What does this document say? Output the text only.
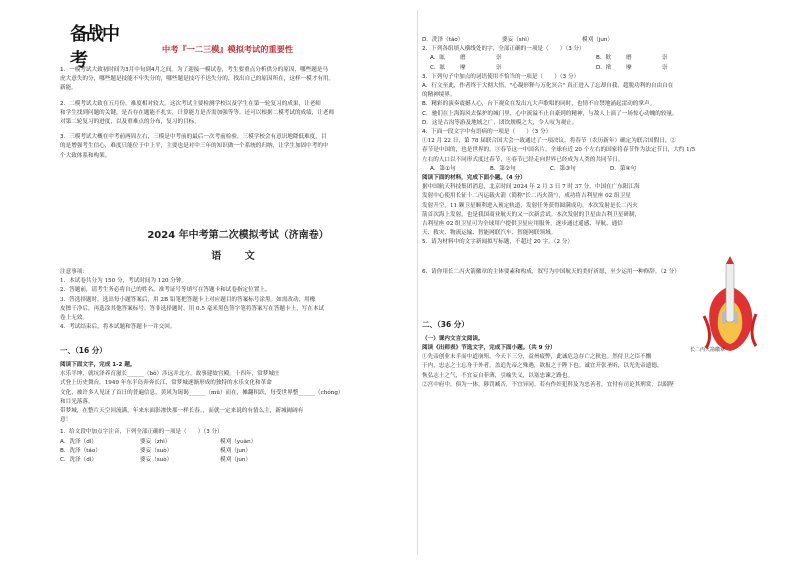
备战中考
中考『一二三模』模拟考试的重要性

1．一模考试大致初时间为3月中旬到4月之间。为了迎接一模试卷，考生要重点分析供分的原因，哪些题是马

虎大意失的分，哪些题是技能不牢失分的，哪些题是技巧不达失分的，找出自己的原因所在，这样一模才有用。

新能。

2．二模考试大致在五月份，难度相对较大。这次考试主要检测学校以及学生在第一轮复习的成果，让老师

和学生找到问题的关键，是否存在题能不扎实，计算能力是否需加强等等。还可以根据二模考试的成绩，让老师

对第二轮复习的进度，以及重难点的分布，复习的目标。

3．三模考试大概在中考前两周左右，三模是中考前的最后一次考前检验，三模学校会有意识地降低难度，目

的是增强考生信心，难度只能位于中上平，主要也是对中三年的知识做一个系统的归纳，让学生加固中考的中

个大致体系和构架。

2024 年中考第二次模拟考试（济南卷）
语 文

注意事项：

1．本试卷共分为 150 分，考试时间为 120 分钟。

2．答题前，请考生务必将自己的姓名、准考证号等填写在答题卡和试卷指定位置上。

3．答选择题时，选出每小题答案后，用 2B 铅笔把答题卡上对应题目的答案标号涂黑。如需改动，用橡

皮擦干净后，再选涂其他答案标号。答非选择题时，用 0.5 毫米黑色签字笔将答案写在答题卡上，写在本试

卷上无效。

4．考试结束后，将本试题和答题卡一并交回。

一、（16 分）

阅读下面文字，完成 1-2 题。

水乐半坤，就坑泽养育滋长______（bǒ）涉远并北方，故事建故宫殿。十四年，常梦城庄

式登上历史舞台。1949 年东半岛奔奔长江，常梦城逐渐形成的独特的水乐文化和革命

文化，被许多人见证了首日的普遍信息，黄风为谒谒______（mǔ）而在，摊翻积跃，每受世界整______（chóng）

和目光落落。

带梦城，在整片天空回流满，年来东面影渗快那一样长春。，而就一定来说的有情么主，新城阔阔有

意！

1．给文段中加点字注音，下列全部正确的一项是（　　）（3 分）

A．洗泽（dì）	婆妄（zhì）	模刈（yuàn）
B．洗泽（táo）	婆妄（suò）	模刈（jun）
C．洗泽（dì）	婆妄（suò）	模刈（jun）
D．洗泽（táo）	婆妄（shì）	模刈（jun）

2．下列各组填入横线处的字，全部正确的一项是（　　）（3 分）

A．眩	磨	崇	B．揿	磨	崇
C．眩	摩	崇	D．揿	摩	崇

3．下列句子中加点的词语使用不恰当的一项是（　　）（3 分）

A．行文至此，作者终于大彻大悟，"心凝形释与万化冥合" 真正进入了忘却自我、超脱功利的自由自在

的精神境界。

B．精彩的演奏震撼人心，台下观众在发出亢大声歌唱的同时，也情不自禁地涌起雷动的掌声。

C．驰们在上海海风去保护的城门里，心中流溢不止自豪到的精神，与敌人上演了一场惊心动魄的较量。

D．这是古沟等游及地域之广、团饮规模之大，令人叹为观止。

4．下面一段文字中有语病的一项是（　　）（3 分）

①12 月 22 日，第 78 届联合国大会一致通过了一项决议，将春节（农历新年）确定为联合国假日。②

春节是中国的，也是世界的。③春节这一中国名片，全球有近 20 个左右的国家将春节作为法定节日，大约 1/5

左右的人口以不同形式度过春节，④春节已经走向世界已经成为人类的共同节日。

A．第①句	B．第②句	C．第③句	D．第④句

阅读下面的材料，完成下面小题。（4 分）

据中国航天科技集团消息，北京时间 2024 年 2 月 3 日 7 时 37 分，中国在广东阳江海

发射中心使用长征十二丙运载火箭（简称"长二丙火箭"），成功将吉利星座 02 组卫星

发射升空，11 颗卫星顺利进入预定轨道，发射任务获得圆满成功。本次发射是长二丙火

箭首次海上发射，也是我国商业航天的又一次新尝试。本次发射的卫星由吉利卫星研制，

吉利星座 02 组卫星可为全球用户提供卫星应用服务，逐步通过遥感、导航、通信

天、救灾、物流运输、智能网联汽车、智能网联领域。

5．请为材料中的文字新闻拟写标题，不超过 20 字。（2 分）

6．请你用长二丙火箭徽章的主体要素和构成，叙写为中国航天的美好祈愿，至少运用一种修辞。（2 分）

二、（36 分）

（一）课内文言文阅读。

阅读《出师表》节选文字，完成下面小题。（共 9 分）

①先帝创业未半而中道崩殂，今天下三分，益州疲弊，此诚危急存亡之秋也。然侍卫之臣不懈

于内，忠志之士忘身于外者，盖追先帝之殊遇，欲报之于陛下也。诚宜开张圣听，以光先帝遗德，

恢弘志士之气，不宜妄自菲薄，引喻失义，以塞忠谏之路也。

②宫中府中，俱为一体，陟罚臧否，不宜异同。若有作奸犯科及为忠善者，宜付有司论其刑赏，以昭陛

长二丙火箭徽章
